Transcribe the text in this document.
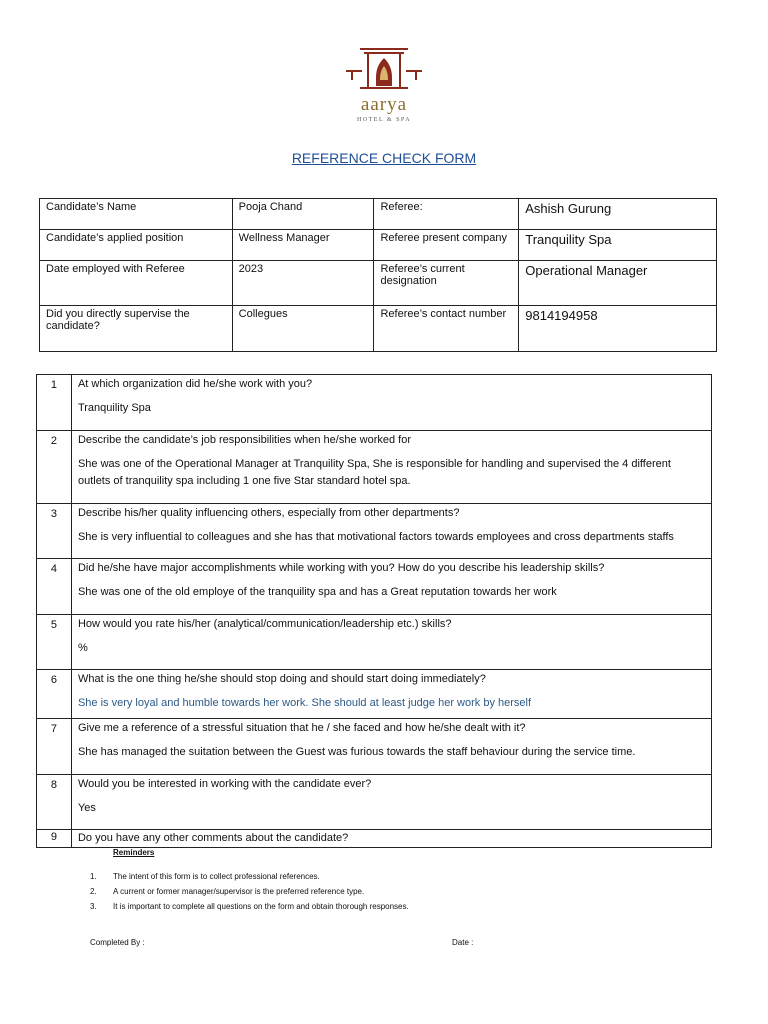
aarya
HOTEL & SPA
REFERENCE CHECK FORM
Candidate’s Name	Pooja Chand	Referee:	Ashish Gurung
Candidate’s applied position	Wellness Manager	Referee present company	Tranquility Spa
Date employed with Referee	2023	Referee’s current designation	Operational Manager
Did you directly supervise the candidate?	Collegues	Referee’s contact number	9814194958
1	At which organization did he/she work with you?
Tranquility Spa

2	Describe the candidate’s job responsibilities when he/she worked for
She was one of the Operational Manager at Tranquility Spa, She is responsible for handling and supervised the 4 different outlets of tranquility spa including 1 one five Star standard hotel spa.

3	Describe his/her quality influencing others, especially from other departments?
She is very influential to colleagues and she has that motivational factors towards employees and cross departments staffs

4	Did he/she have major accomplishments while working with you? How do you describe his leadership skills?
She was one of the old employe of the tranquility spa and has a Great reputation towards her work

5	How would you rate his/her (analytical/communication/leadership etc.) skills?
%

6	What is the one thing he/she should stop doing and should start doing immediately?
She is very loyal and humble towards her work. She should at least judge her work by herself

7	Give me a reference of a stressful situation that he / she faced and how he/she dealt with it?
She has managed the suitation between the Guest was furious towards the staff behaviour during the service time.

8	Would you be interested in working with the candidate ever?
Yes

9	Do you have any other comments about the candidate?
Reminders
1. The intent of this form is to collect professional references.
2. A current or former manager/supervisor is the preferred reference type.
3. It is important to complete all questions on the form and obtain thorough responses.
Completed By :	Date :
